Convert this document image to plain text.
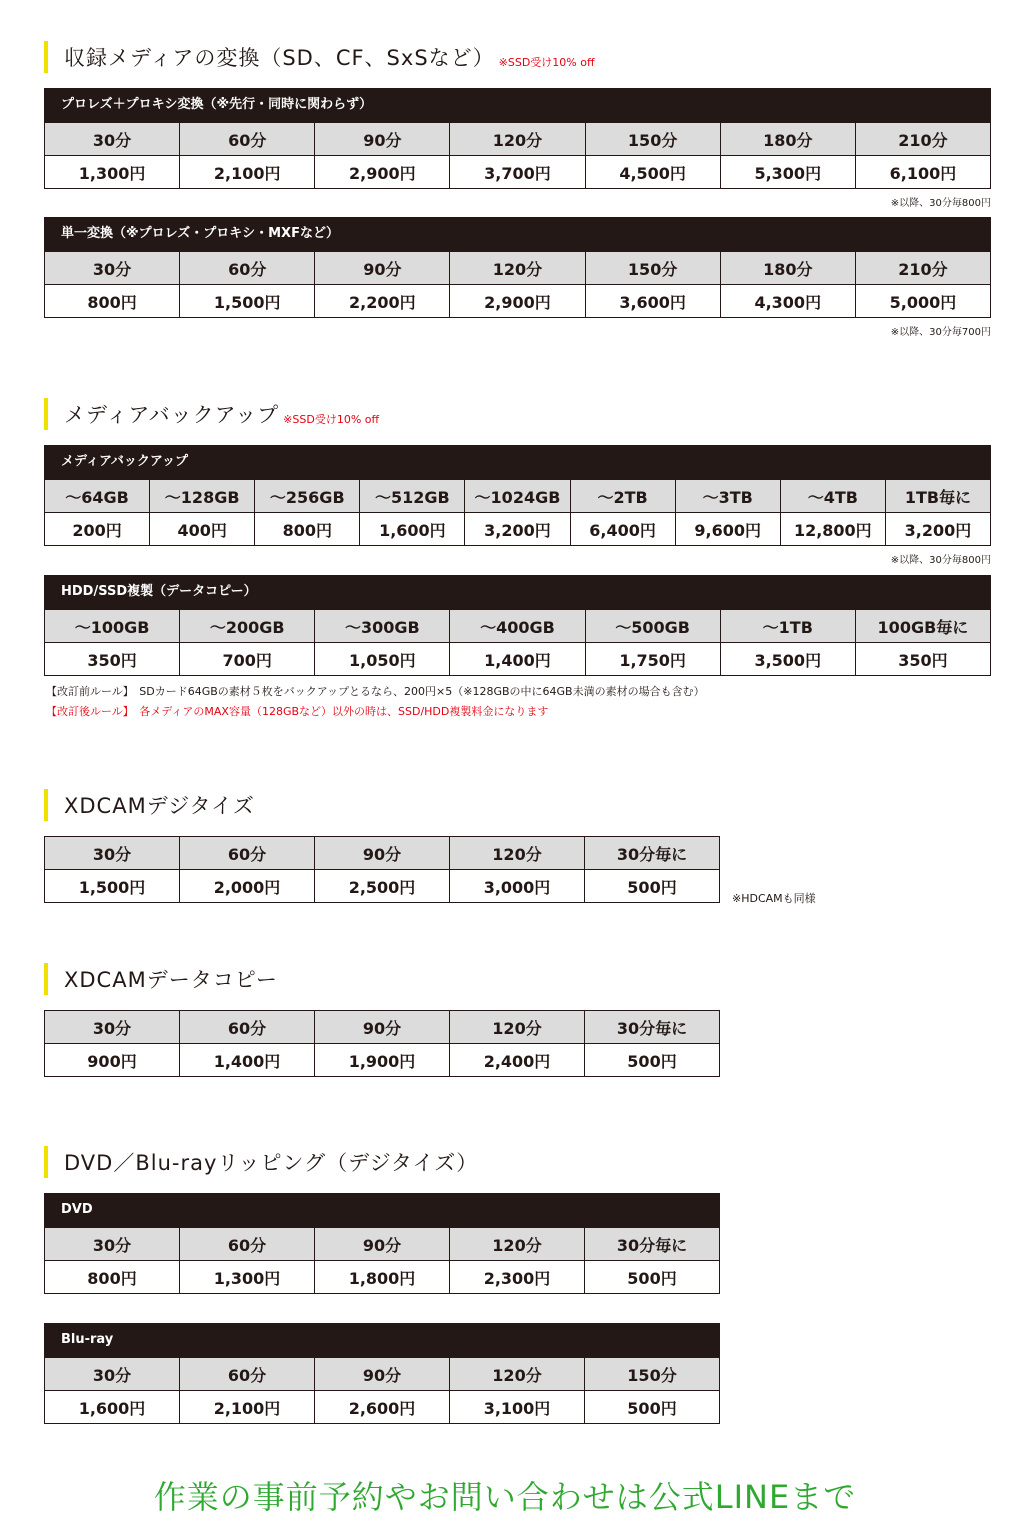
収録メディアの変換（SD、CF、SxSなど） ※SSD受け10% off
プロレズ＋プロキシ変換（※先行・同時に関わらず）
30分	60分	90分	120分	150分	180分	210分
1,300円	2,100円	2,900円	3,700円	4,500円	5,300円	6,100円
※以降、30分毎800円
単一変換（※プロレズ・プロキシ・MXFなど）
30分	60分	90分	120分	150分	180分	210分
800円	1,500円	2,200円	2,900円	3,600円	4,300円	5,000円
※以降、30分毎700円
メディアバックアップ ※SSD受け10% off
メディアバックアップ
〜64GB	〜128GB	〜256GB	〜512GB	〜1024GB	〜2TB	〜3TB	〜4TB	1TB毎に
200円	400円	800円	1,600円	3,200円	6,400円	9,600円	12,800円	3,200円
※以降、30分毎800円
HDD/SSD複製（データコピー）
〜100GB	〜200GB	〜300GB	〜400GB	〜500GB	〜1TB	100GB毎に
350円	700円	1,050円	1,400円	1,750円	3,500円	350円
【改訂前ルール】　SDカード64GBの素材５枚をバックアップとるなら、200円×5（※128GBの中に64GB未満の素材の場合も含む）
【改訂後ルール】　各メディアのMAX容量（128GBなど）以外の時は、SSD/HDD複製料金になります
XDCAMデジタイズ
30分	60分	90分	120分	30分毎に
1,500円	2,000円	2,500円	3,000円	500円
※HDCAMも同様
XDCAMデータコピー
30分	60分	90分	120分	30分毎に
900円	1,400円	1,900円	2,400円	500円
DVD／Blu-rayリッピング（デジタイズ）
DVD
30分	60分	90分	120分	30分毎に
800円	1,300円	1,800円	2,300円	500円
Blu-ray
30分	60分	90分	120分	150分
1,600円	2,100円	2,600円	3,100円	500円
作業の事前予約やお問い合わせは公式LINEまで
